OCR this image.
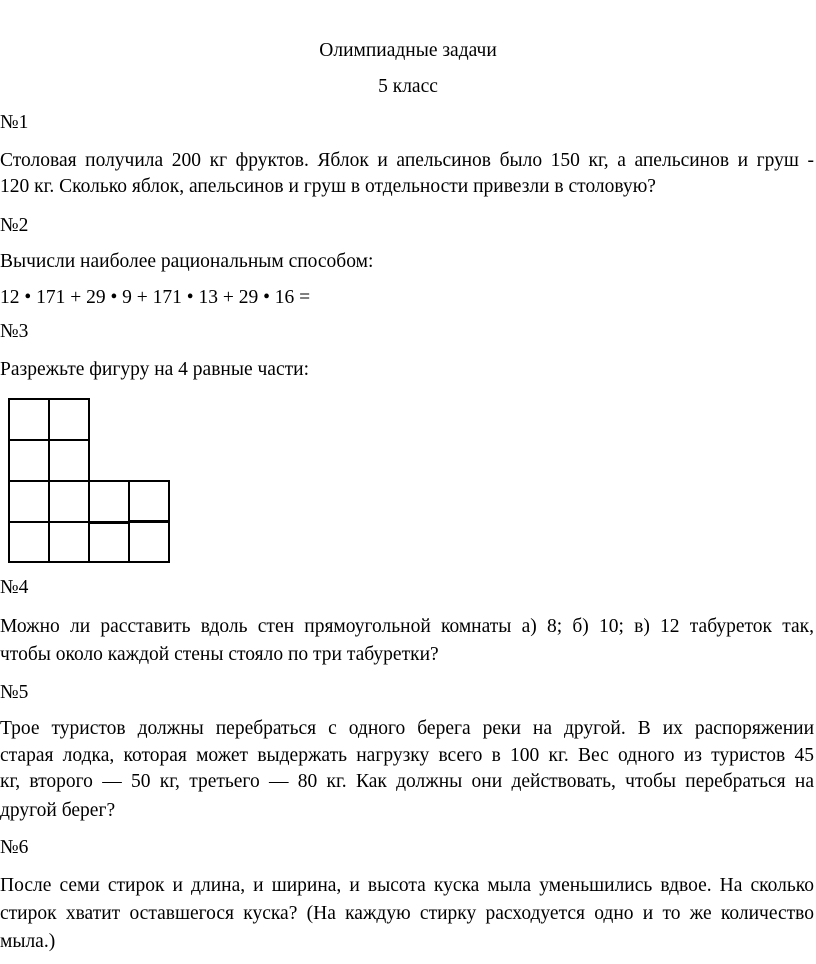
Олимпиадные задачи
5 класс
№1
Столовая получила 200 кг фруктов. Яблок и апельсинов было 150 кг, а апельсинов и груш -
120 кг. Сколько яблок, апельсинов и груш в отдельности привезли в столовую?
№2
Вычисли наиболее рациональным способом:
12 • 171 + 29 • 9 + 171 • 13 + 29 • 16 =
№3
Разрежьте фигуру на 4 равные части:
№4
Можно ли расставить вдоль стен прямоугольной комнаты а) 8; б) 10; в) 12 табуреток так,
чтобы около каждой стены стояло по три табуретки?
№5
Трое туристов должны перебраться с одного берега реки на другой. В их распоряжении
старая лодка, которая может выдержать нагрузку всего в 100 кг. Вес одного из туристов 45
кг, второго — 50 кг, третьего — 80 кг. Как должны они действовать, чтобы перебраться на
другой берег?
№6
После семи стирок и длина, и ширина, и высота куска мыла уменьшились вдвое. На сколько
стирок хватит оставшегося куска? (На каждую стирку расходуется одно и то же количество
мыла.)
